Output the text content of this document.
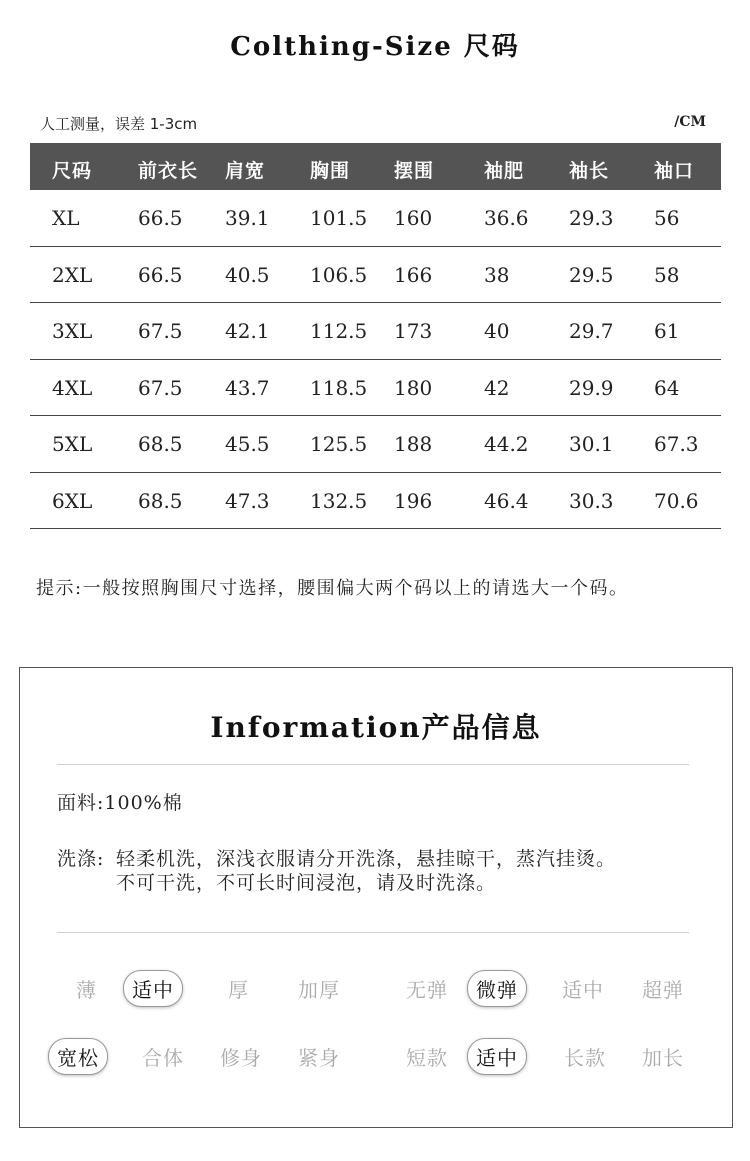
Colthing-Size 尺码
人工测量，误差 1-3cm	/CM
尺码 前衣长 肩宽 胸围 摆围	袖肥 袖长 袖口
XL	66.5 39.1 101.5 160	36.6 29.3 56
2XL 66.5 40.5 106.5 166	38	29.5 58
3XL 67.5 42.1 112.5 173	40	29.7 61
4XL 67.5 43.7 118.5 180	42	29.9 64
5XL 68.5 45.5 125.5 188	44.2 30.1 67.3
6XL 68.5 47.3 132.5 196	46.4 30.3 70.6
提示:一般按照胸围尺寸选择，腰围偏大两个码以上的请选大一个码。
Information产品信息
面料:100%棉
洗涤: 轻柔机洗，深浅衣服请分开洗涤，悬挂晾干，蒸汽挂烫。
不可干洗，不可长时间浸泡，请及时洗涤。
薄	适中	厚 加厚	无弹	微弹	适中 超弹
宽松	合体 修身 紧身	短款	适中	长款 加长
